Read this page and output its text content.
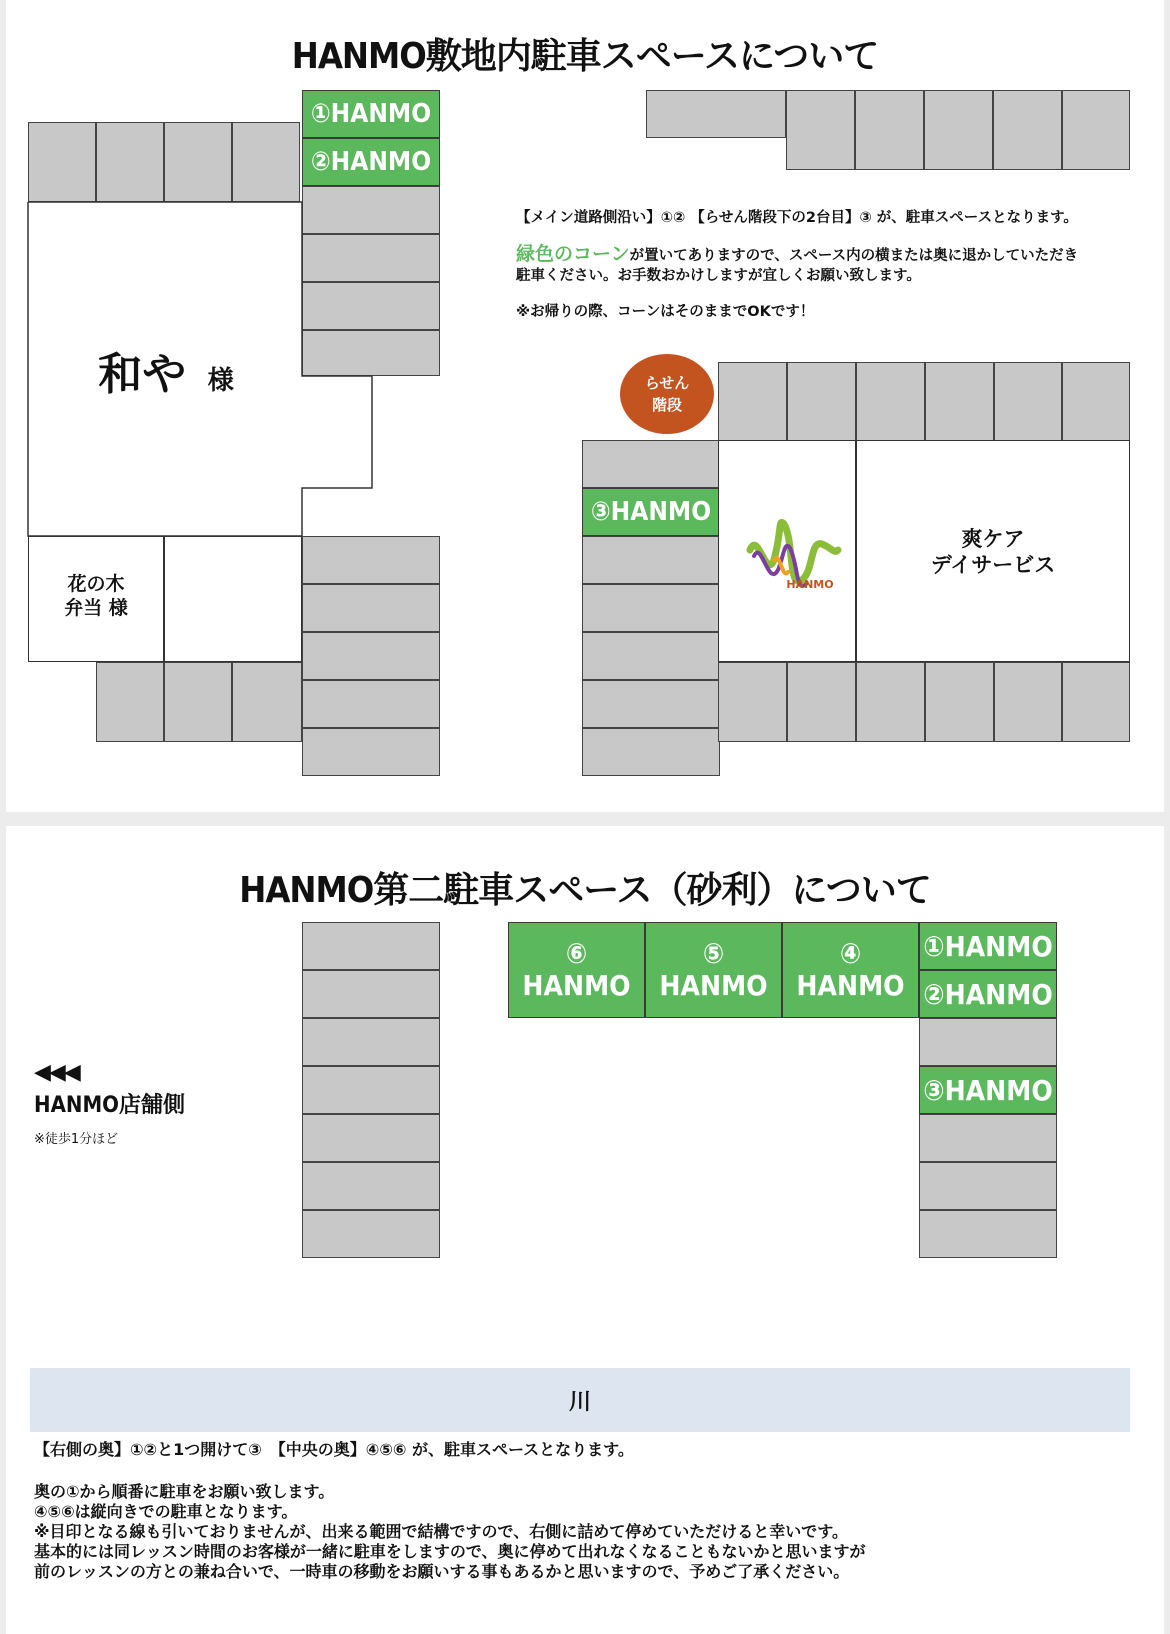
HANMO敷地内駐車スペースについて
①HANMO
②HANMO
和や 様
花の木
弁当 様
【メイン道路側沿い】①② 【らせん階段下の2台目】③ が、駐車スペースとなります。
緑色のコーンが置いてありますので、スペース内の横または奥に退かしていただき
駐車ください。お手数おかけしますが宜しくお願い致します。
※お帰りの際、コーンはそのままでOKです！
らせん
階段
③HANMO
HANMO
爽ケア
デイサービス
HANMO第二駐車スペース（砂利）について
◀◀◀
HANMO店舗側
※徒歩1分ほど
⑥
HANMO
⑤
HANMO
④
HANMO
①HANMO
②HANMO
③HANMO
川
【右側の奥】①②と1つ開けて③　【中央の奥】④⑤⑥ が、駐車スペースとなります。
奥の①から順番に駐車をお願い致します。
④⑤⑥は縦向きでの駐車となります。
※目印となる線も引いておりませんが、出来る範囲で結構ですので、右側に詰めて停めていただけると幸いです。
基本的には同レッスン時間のお客様が一緒に駐車をしますので、奥に停めて出れなくなることもないかと思いますが
前のレッスンの方との兼ね合いで、一時車の移動をお願いする事もあるかと思いますので、予めご了承ください。
